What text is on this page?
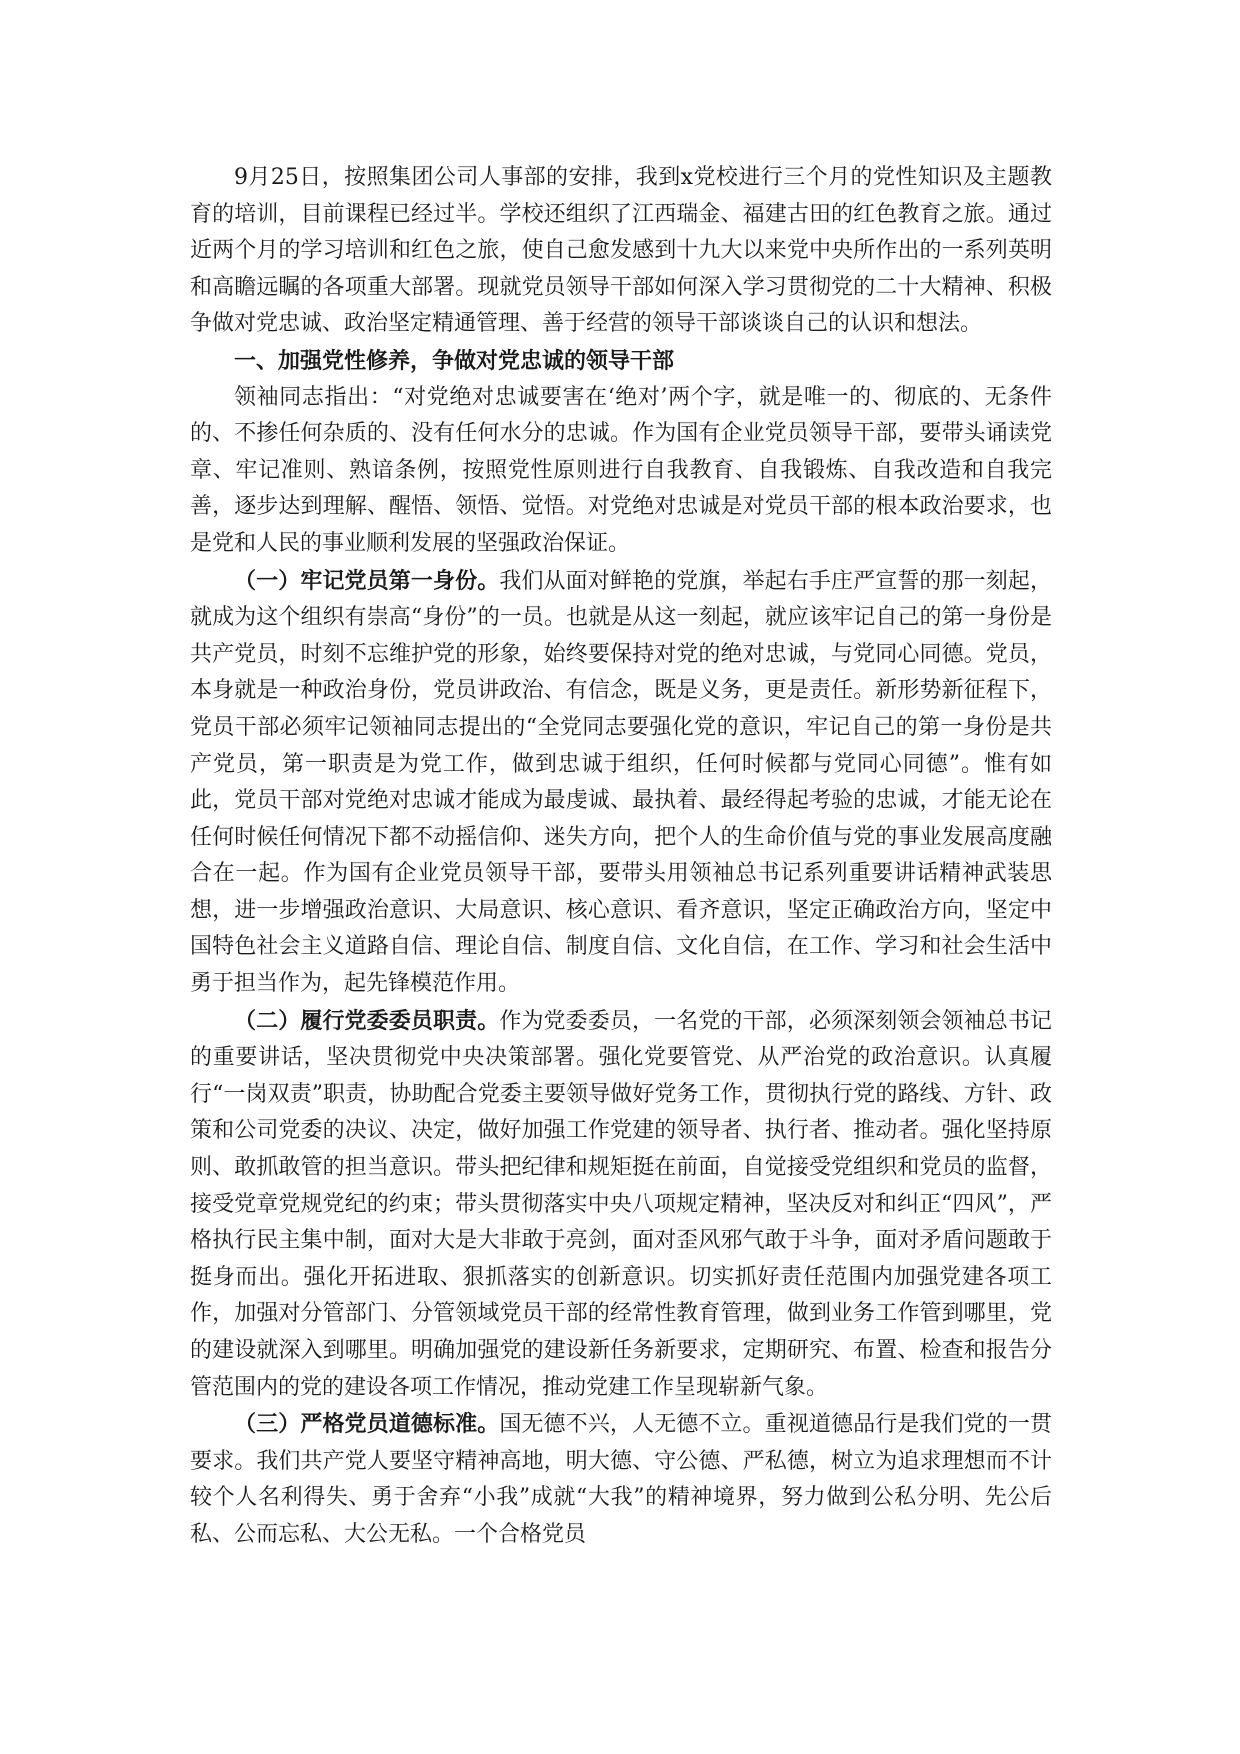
9月25日，按照集团公司人事部的安排，我到x党校进行三个月的党性知识及主题教育的培训，目前课程已经过半。学校还组织了江西瑞金、福建古田的红色教育之旅。通过近两个月的学习培训和红色之旅，使自己愈发感到十九大以来党中央所作出的一系列英明和高瞻远瞩的各项重大部署。现就党员领导干部如何深入学习贯彻党的二十大精神、积极争做对党忠诚、政治坚定精通管理、善于经营的领导干部谈谈自己的认识和想法。

一、加强党性修养，争做对党忠诚的领导干部

领袖同志指出：“对党绝对忠诚要害在‘绝对’两个字，就是唯一的、彻底的、无条件的、不掺任何杂质的、没有任何水分的忠诚。作为国有企业党员领导干部，要带头诵读党章、牢记准则、熟谙条例，按照党性原则进行自我教育、自我锻炼、自我改造和自我完善，逐步达到理解、醒悟、领悟、觉悟。对党绝对忠诚是对党员干部的根本政治要求，也是党和人民的事业顺利发展的坚强政治保证。

（一）牢记党员第一身份。我们从面对鲜艳的党旗，举起右手庄严宣誓的那一刻起，就成为这个组织有崇高“身份”的一员。也就是从这一刻起，就应该牢记自己的第一身份是共产党员，时刻不忘维护党的形象，始终要保持对党的绝对忠诚，与党同心同德。党员，本身就是一种政治身份，党员讲政治、有信念，既是义务，更是责任。新形势新征程下，党员干部必须牢记领袖同志提出的“全党同志要强化党的意识，牢记自己的第一身份是共产党员，第一职责是为党工作，做到忠诚于组织，任何时候都与党同心同德”。惟有如此，党员干部对党绝对忠诚才能成为最虔诚、最执着、最经得起考验的忠诚，才能无论在任何时候任何情况下都不动摇信仰、迷失方向，把个人的生命价值与党的事业发展高度融合在一起。作为国有企业党员领导干部，要带头用领袖总书记系列重要讲话精神武装思想，进一步增强政治意识、大局意识、核心意识、看齐意识，坚定正确政治方向，坚定中国特色社会主义道路自信、理论自信、制度自信、文化自信，在工作、学习和社会生活中勇于担当作为，起先锋模范作用。

（二）履行党委委员职责。作为党委委员，一名党的干部，必须深刻领会领袖总书记的重要讲话，坚决贯彻党中央决策部署。强化党要管党、从严治党的政治意识。认真履行“一岗双责”职责，协助配合党委主要领导做好党务工作，贯彻执行党的路线、方针、政策和公司党委的决议、决定，做好加强工作党建的领导者、执行者、推动者。强化坚持原则、敢抓敢管的担当意识。带头把纪律和规矩挺在前面，自觉接受党组织和党员的监督，接受党章党规党纪的约束；带头贯彻落实中央八项规定精神，坚决反对和纠正“四风”，严格执行民主集中制，面对大是大非敢于亮剑，面对歪风邪气敢于斗争，面对矛盾问题敢于挺身而出。强化开拓进取、狠抓落实的创新意识。切实抓好责任范围内加强党建各项工作，加强对分管部门、分管领域党员干部的经常性教育管理，做到业务工作管到哪里，党的建设就深入到哪里。明确加强党的建设新任务新要求，定期研究、布置、检查和报告分管范围内的党的建设各项工作情况，推动党建工作呈现崭新气象。

（三）严格党员道德标准。国无德不兴，人无德不立。重视道德品行是我们党的一贯要求。我们共产党人要坚守精神高地，明大德、守公德、严私德，树立为追求理想而不计较个人名利得失、勇于舍弃“小我”成就“大我”的精神境界，努力做到公私分明、先公后私、公而忘私、大公无私。一个合格党员
